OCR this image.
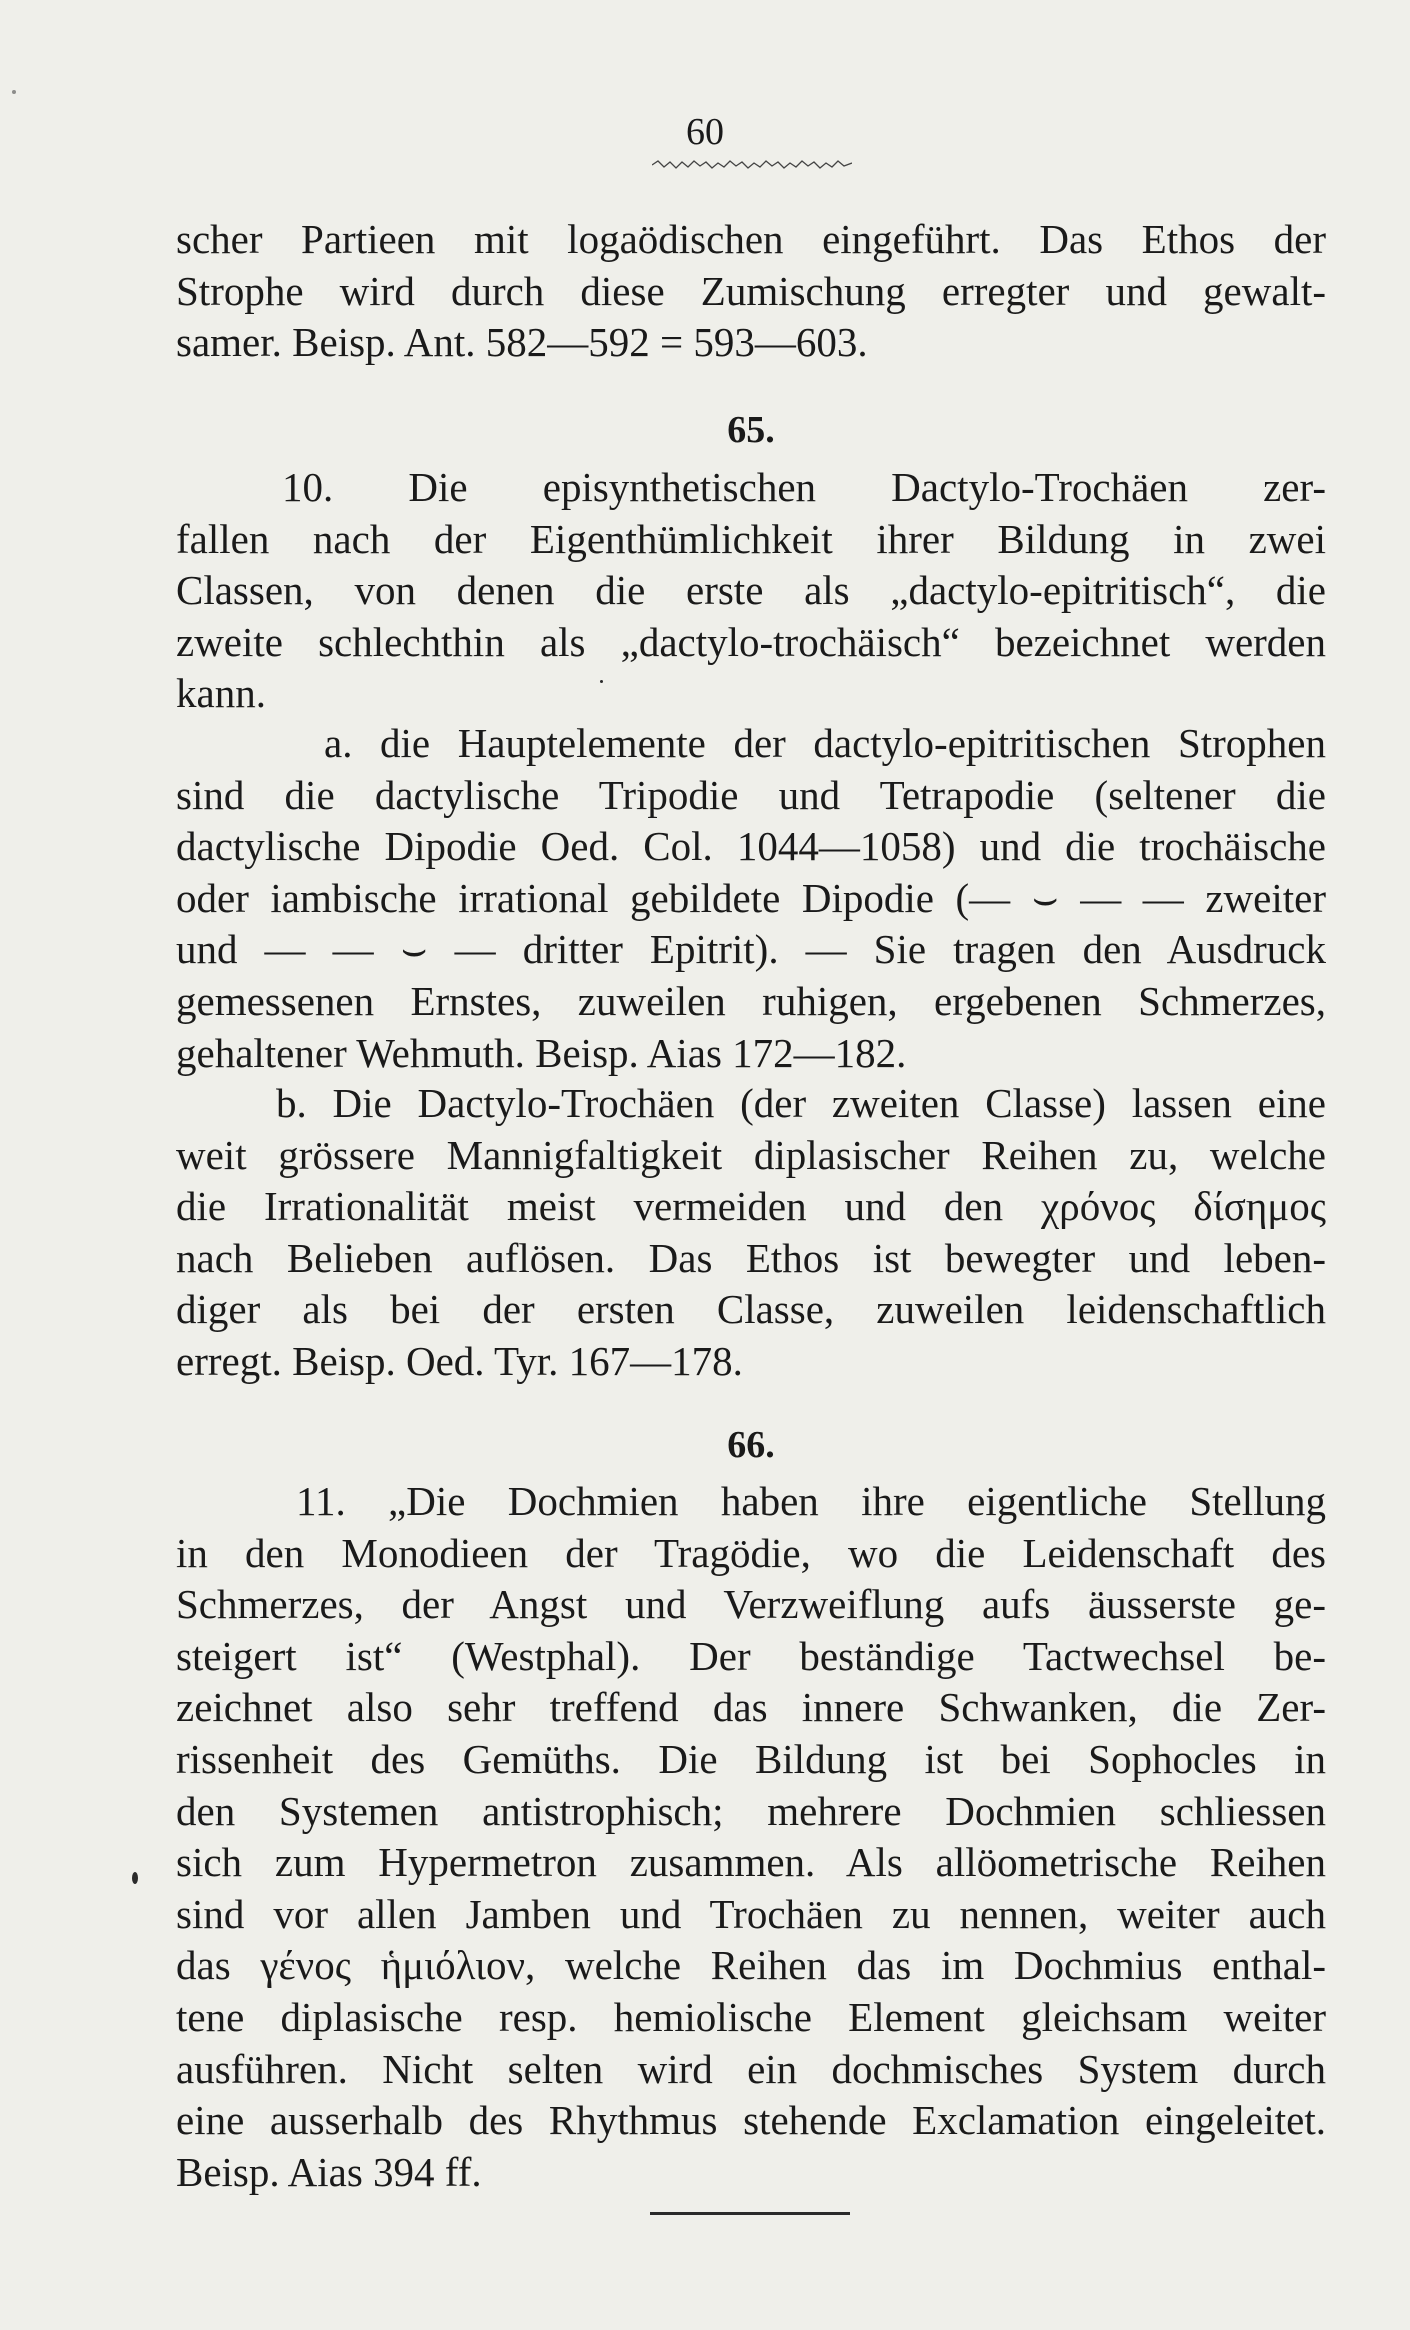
60
scher Partieen mit logaödischen eingeführt. Das Ethos der
Strophe wird durch diese Zumischung erregter und gewalt-
samer. Beisp. Ant. 582—592 = 593—603.
65.
10. Die episynthetischen Dactylo-Trochäen zer-
fallen nach der Eigenthümlichkeit ihrer Bildung in zwei
Classen, von denen die erste als „dactylo-epitritisch“, die
zweite schlechthin als „dactylo-trochäisch“ bezeichnet werden
kann.
a. die Hauptelemente der dactylo-epitritischen Strophen
sind die dactylische Tripodie und Tetrapodie (seltener die
dactylische Dipodie Oed. Col. 1044—1058) und die trochäische
oder iambische irrational gebildete Dipodie (— ⌣ — — zweiter
und — — ⌣ — dritter Epitrit). — Sie tragen den Ausdruck
gemessenen Ernstes, zuweilen ruhigen, ergebenen Schmerzes,
gehaltener Wehmuth. Beisp. Aias 172—182.
b. Die Dactylo-Trochäen (der zweiten Classe) lassen eine
weit grössere Mannigfaltigkeit diplasischer Reihen zu, welche
die Irrationalität meist vermeiden und den χρόνος δίσημος
nach Belieben auflösen. Das Ethos ist bewegter und leben-
diger als bei der ersten Classe, zuweilen leidenschaftlich
erregt. Beisp. Oed. Tyr. 167—178.
66.
11. „Die Dochmien haben ihre eigentliche Stellung
in den Monodieen der Tragödie, wo die Leidenschaft des
Schmerzes, der Angst und Verzweiflung aufs äusserste ge-
steigert ist“ (Westphal). Der beständige Tactwechsel be-
zeichnet also sehr treffend das innere Schwanken, die Zer-
rissenheit des Gemüths. Die Bildung ist bei Sophocles in
den Systemen antistrophisch; mehrere Dochmien schliessen
sich zum Hypermetron zusammen. Als allöometrische Reihen
sind vor allen Jamben und Trochäen zu nennen, weiter auch
das γένος ἡμιόλιον, welche Reihen das im Dochmius enthal-
tene diplasische resp. hemiolische Element gleichsam weiter
ausführen. Nicht selten wird ein dochmisches System durch
eine ausserhalb des Rhythmus stehende Exclamation eingeleitet.
Beisp. Aias 394 ff.
